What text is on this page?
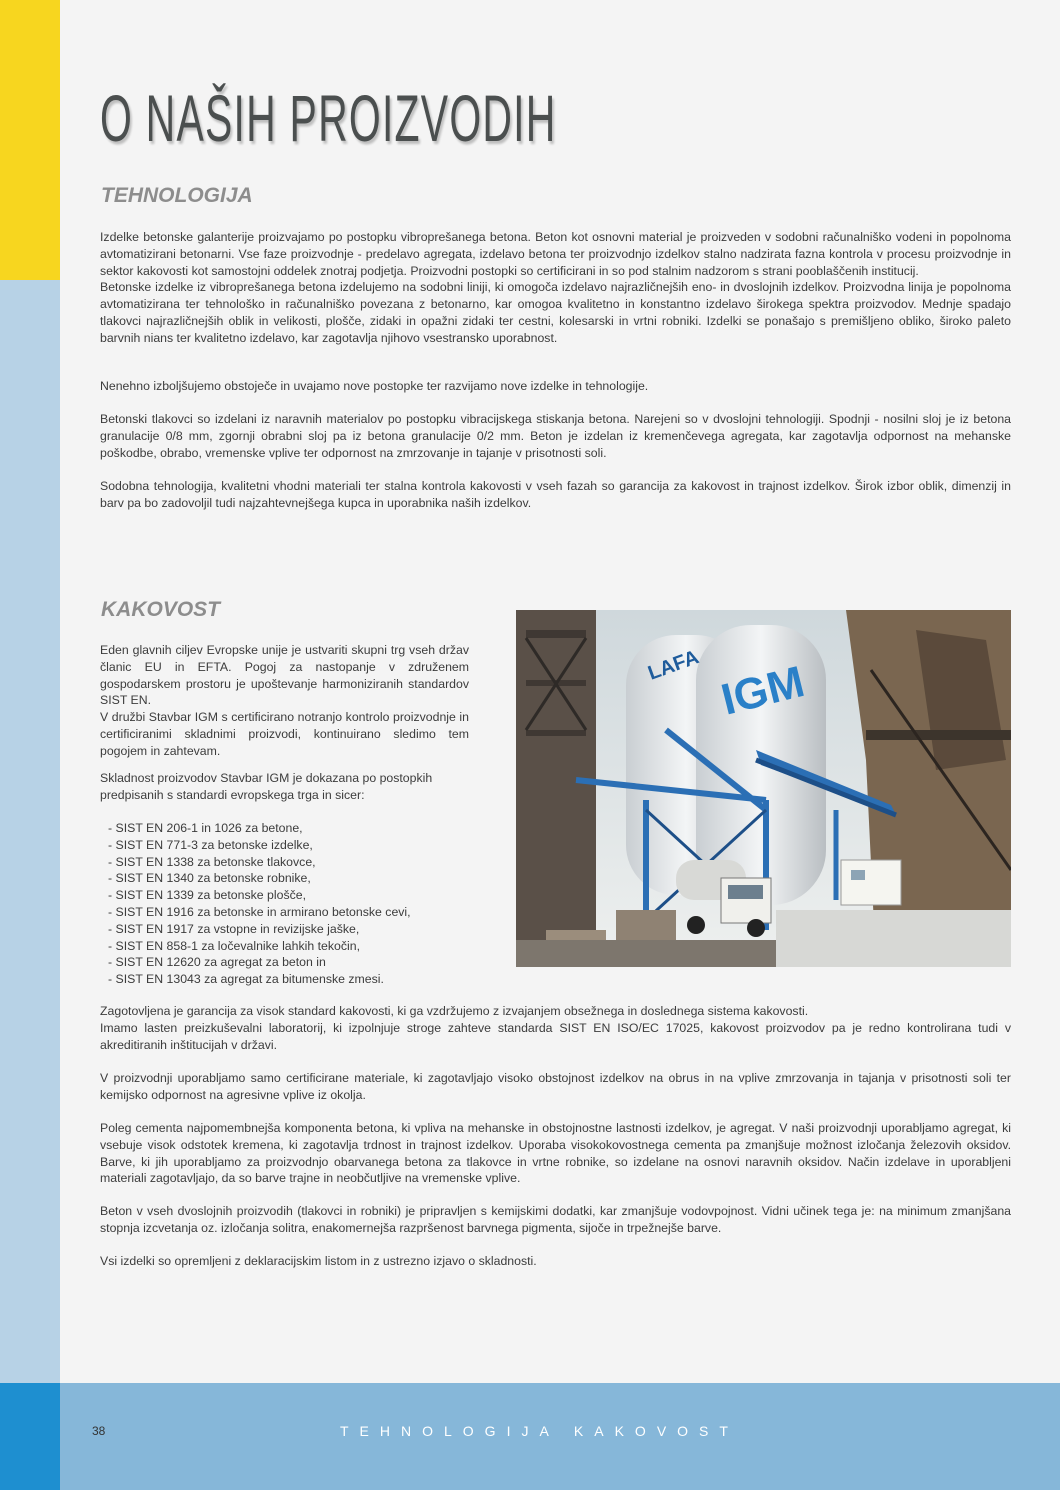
O NAŠIH PROIZVODIH
TEHNOLOGIJA

Izdelke betonske galanterije proizvajamo po postopku vibroprešanega betona. Beton kot osnovni material je proizveden v sodobni računalniško vodeni in popolnoma avtomatizirani betonarni. Vse faze proizvodnje - predelavo agregata, izdelavo betona ter proizvodnjo izdelkov stalno nadzirata fazna kontrola v procesu proizvodnje in sektor kakovosti kot samostojni oddelek znotraj podjetja. Proizvodni postopki so certificirani in so pod stalnim nadzorom s strani pooblaščenih institucij.

Betonske izdelke iz vibroprešanega betona izdelujemo na sodobni liniji, ki omogoča izdelavo najrazličnejših eno- in dvoslojnih izdelkov. Proizvodna linija je popolnoma avtomatizirana ter tehnološko in računalniško povezana z betonarno, kar omogoa kvalitetno in konstantno izdelavo širokega spektra proizvodov. Mednje spadajo tlakovci najrazličnejših oblik in velikosti, plošče, zidaki in opažni zidaki ter cestni, kolesarski in vrtni robniki. Izdelki se ponašajo s premišljeno obliko, široko paleto barvnih nians ter kvalitetno izdelavo, kar zagotavlja njihovo vsestransko uporabnost.

Nenehno izboljšujemo obstoječe in uvajamo nove postopke ter razvijamo nove izdelke in tehnologije.

Betonski tlakovci so izdelani iz naravnih materialov po postopku vibracijskega stiskanja betona. Narejeni so v dvoslojni tehnologiji. Spodnji - nosilni sloj je iz betona granulacije 0/8 mm, zgornji obrabni sloj pa iz betona granulacije 0/2 mm. Beton je izdelan iz kremenčevega agregata, kar zagotavlja odpornost na mehanske poškodbe, obrabo, vremenske vplive ter odpornost na zmrzovanje in tajanje v prisotnosti soli.

Sodobna tehnologija, kvalitetni vhodni materiali ter stalna kontrola kakovosti v vseh fazah so garancija za kakovost in trajnost izdelkov. Širok izbor oblik, dimenzij in barv pa bo zadovoljil tudi najzahtevnejšega kupca in uporabnika naših izdelkov.

KAKOVOST

Eden glavnih ciljev Evropske unije je ustvariti skupni trg vseh držav članic EU in EFTA. Pogoj za nastopanje v združenem gospodarskem prostoru je upoštevanje harmoniziranih standardov SIST EN.

V družbi Stavbar IGM s certificirano notranjo kontrolo proizvodnje in certificiranimi skladnimi proizvodi, kontinuirano sledimo tem pogojem in zahtevam.

Skladnost proizvodov Stavbar IGM je dokazana po postopkih predpisanih s standardi evropskega trga in sicer:

- SIST EN 206-1 in 1026 za betone,
- SIST EN 771-3 za betonske izdelke,
- SIST EN 1338 za betonske tlakovce,
- SIST EN 1340 za betonske robnike,
- SIST EN 1339 za betonske plošče,
- SIST EN 1916 za betonske in armirano betonske cevi,
- SIST EN 1917 za vstopne in revizijske jaške,
- SIST EN 858-1 za ločevalnike lahkih tekočin,
- SIST EN 12620 za agregat za beton in
- SIST EN 13043 za agregat za bitumenske zmesi.
LAFA IGM

Zagotovljena je garancija za visok standard kakovosti, ki ga vzdržujemo z izvajanjem obsežnega in doslednega sistema kakovosti.

Imamo lasten preizkuševalni laboratorij, ki izpolnjuje stroge zahteve standarda SIST EN ISO/EC 17025, kakovost proizvodov pa je redno kontrolirana tudi v akreditiranih inštitucijah v državi.

V proizvodnji uporabljamo samo certificirane materiale, ki zagotavljajo visoko obstojnost izdelkov na obrus in na vplive zmrzovanja in tajanja v prisotnosti soli ter kemijsko odpornost na agresivne vplive iz okolja.

Poleg cementa najpomembnejša komponenta betona, ki vpliva na mehanske in obstojnostne lastnosti izdelkov, je agregat. V naši proizvodnji uporabljamo agregat, ki vsebuje visok odstotek kremena, ki zagotavlja trdnost in trajnost izdelkov. Uporaba visokokovostnega cementa pa zmanjšuje možnost izločanja železovih oksidov. Barve, ki jih uporabljamo za proizvodnjo obarvanega betona za tlakovce in vrtne robnike, so izdelane na osnovi naravnih oksidov. Način izdelave in uporabljeni materiali zagotavljajo, da so barve trajne in neobčutljive na vremenske vplive.

Beton v vseh dvoslojnih proizvodih (tlakovci in robniki) je pripravljen s kemijskimi dodatki, kar zmanjšuje vodovpojnost. Vidni učinek tega je: na minimum zmanjšana stopnja izcvetanja oz. izločanja solitra, enakomernejša razpršenost barvnega pigmenta, sijoče in trpežnejše barve.

Vsi izdelki so opremljeni z deklaracijskim listom in z ustrezno izjavo o skladnosti.

38	TEHNOLOGIJA KAKOVOST
